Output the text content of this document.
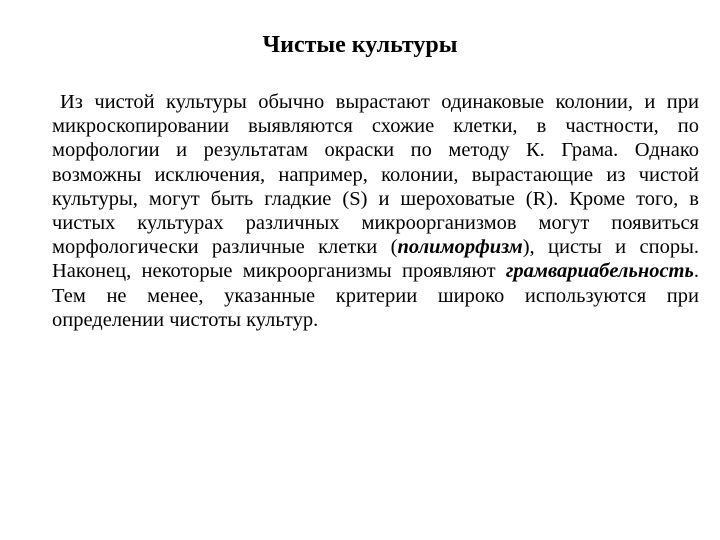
Чистые культуры

Из чистой культуры обычно вырастают одинаковые колонии, и при микроскопировании выявляются схожие клетки, в частности, по морфологии и результатам окраски по методу К. Грама. Однако возможны исключения, например, колонии, вырастающие из чистой культуры, могут быть гладкие (S) и шероховатые (R). Кроме того, в чистых культурах различных микроорганизмов могут появиться морфологически различные клетки (полиморфизм), цисты и споры. Наконец, некоторые микроорганизмы проявляют грамвариабельность. Тем не менее, указанные критерии широко используются при определении чистоты культур.
